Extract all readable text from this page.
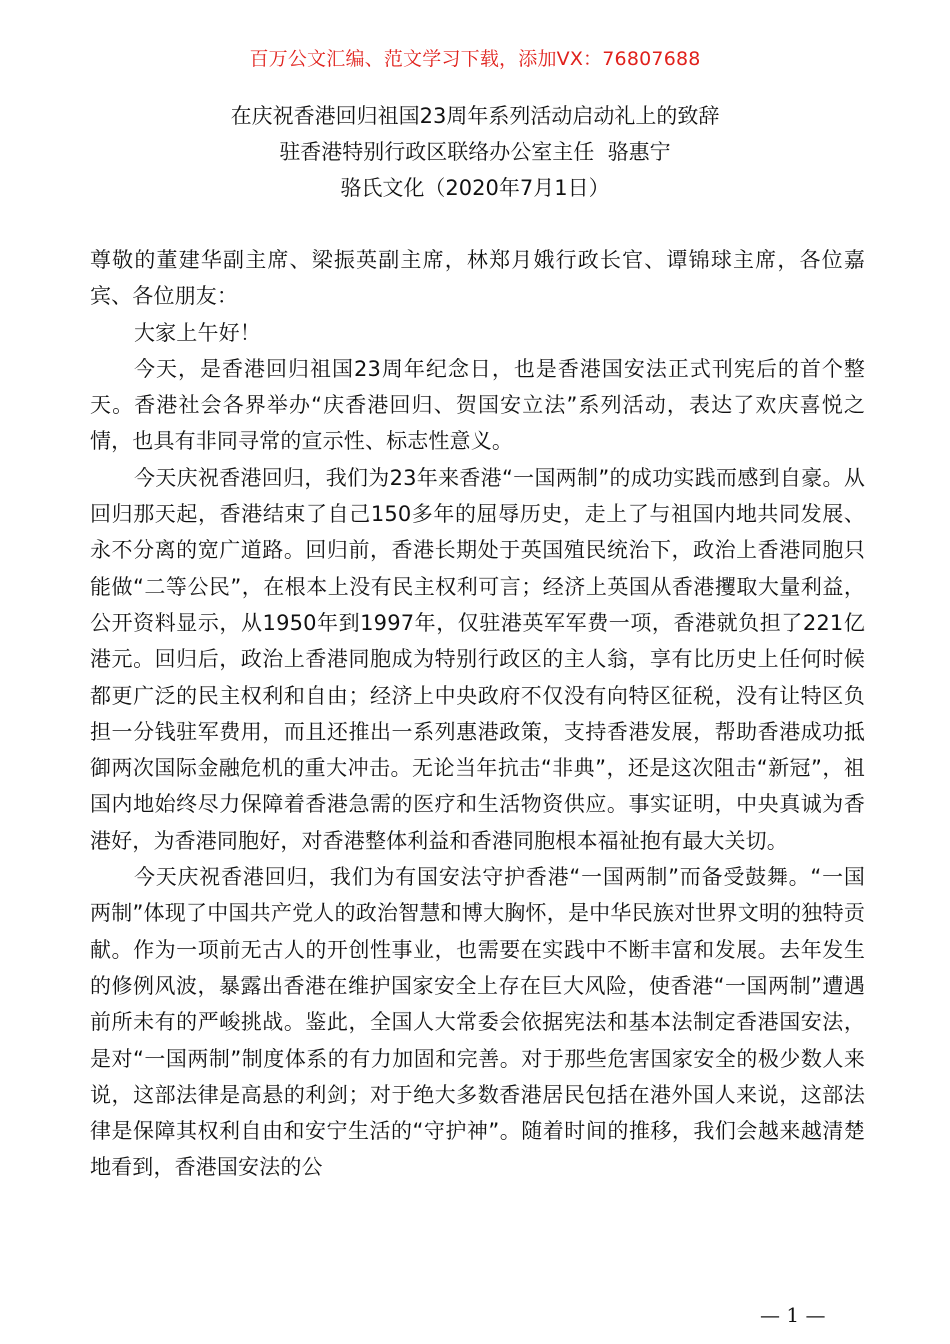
百万公文汇编、范文学习下载，添加VX：76807688

在庆祝香港回归祖国23周年系列活动启动礼上的致辞

驻香港特别行政区联络办公室主任  骆惠宁

骆氏文化（2020年7月1日）

尊敬的董建华副主席、梁振英副主席，林郑月娥行政长官、谭锦球主席，各位嘉宾、各位朋友：

大家上午好！

今天，是香港回归祖国23周年纪念日，也是香港国安法正式刊宪后的首个整天。香港社会各界举办“庆香港回归、贺国安立法”系列活动，表达了欢庆喜悦之情，也具有非同寻常的宣示性、标志性意义。

今天庆祝香港回归，我们为23年来香港“一国两制”的成功实践而感到自豪。从回归那天起，香港结束了自己150多年的屈辱历史，走上了与祖国内地共同发展、永不分离的宽广道路。回归前，香港长期处于英国殖民统治下，政治上香港同胞只能做“二等公民”，在根本上没有民主权利可言；经济上英国从香港攫取大量利益，公开资料显示，从1950年到1997年，仅驻港英军军费一项，香港就负担了221亿港元。回归后，政治上香港同胞成为特别行政区的主人翁，享有比历史上任何时候都更广泛的民主权利和自由；经济上中央政府不仅没有向特区征税，没有让特区负担一分钱驻军费用，而且还推出一系列惠港政策，支持香港发展，帮助香港成功抵御两次国际金融危机的重大冲击。无论当年抗击“非典”，还是这次阻击“新冠”，祖国内地始终尽力保障着香港急需的医疗和生活物资供应。事实证明，中央真诚为香港好，为香港同胞好，对香港整体利益和香港同胞根本福祉抱有最大关切。

今天庆祝香港回归，我们为有国安法守护香港“一国两制”而备受鼓舞。“一国两制”体现了中国共产党人的政治智慧和博大胸怀，是中华民族对世界文明的独特贡献。作为一项前无古人的开创性事业，也需要在实践中不断丰富和发展。去年发生的修例风波，暴露出香港在维护国家安全上存在巨大风险，使香港“一国两制”遭遇前所未有的严峻挑战。鉴此，全国人大常委会依据宪法和基本法制定香港国安法，是对“一国两制”制度体系的有力加固和完善。对于那些危害国家安全的极少数人来说，这部法律是高悬的利剑；对于绝大多数香港居民包括在港外国人来说，这部法律是保障其权利自由和安宁生活的“守护神”。随着时间的推移，我们会越来越清楚地看到，香港国安法的公

— 1 —
